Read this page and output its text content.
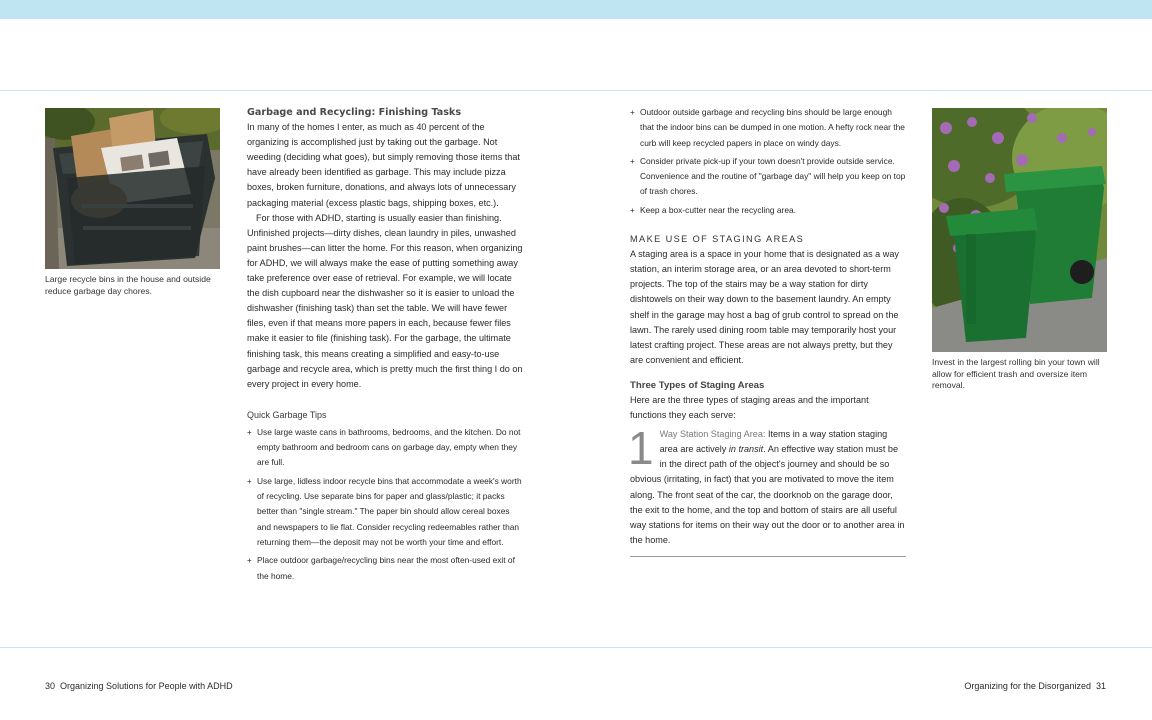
Large recycle bins in the house and outside reduce garbage day chores.
Garbage and Recycling: Finishing Tasks

In many of the homes I enter, as much as 40 percent of the organizing is accomplished just by taking out the garbage. Not weeding (deciding what goes), but simply removing those items that have already been identified as garbage. This may include pizza boxes, broken furniture, donations, and always lots of unnecessary packaging material (excess plastic bags, shipping boxes, etc.).

For those with ADHD, starting is usually easier than finishing. Unfinished projects—dirty dishes, clean laundry in piles, unwashed paint brushes—can litter the home. For this reason, when organizing for ADHD, we will always make the ease of putting something away take preference over ease of retrieval. For example, we will locate the dish cupboard near the dishwasher so it is easier to unload the dishwasher (finishing task) than set the table. We will have fewer files, even if that means more papers in each, because fewer files make it easier to file (finishing task). For the garbage, the ultimate finishing task, this means creating a simplified and easy-to-use garbage and recycle area, which is pretty much the first thing I do on every project in every home.

Quick Garbage Tips
+ Use large waste cans in bathrooms, bedrooms, and the kitchen. Do not empty bathroom and bedroom cans on garbage day, empty when they are full.
+ Use large, lidless indoor recycle bins that accommodate a week's worth of recycling. Use separate bins for paper and glass/plastic; it packs better than "single stream." The paper bin should allow cereal boxes and newspapers to lie flat. Consider recycling redeemables rather than returning them—the deposit may not be worth your time and effort.
+ Place outdoor garbage/recycling bins near the most often-used exit of the home.
+ Outdoor outside garbage and recycling bins should be large enough that the indoor bins can be dumped in one motion. A hefty rock near the curb will keep recycled papers in place on windy days.
+ Consider private pick-up if your town doesn't provide outside service. Convenience and the routine of "garbage day" will help you keep on top of trash chores.
+ Keep a box-cutter near the recycling area.
MAKE USE OF STAGING AREAS

A staging area is a space in your home that is designated as a way station, an interim storage area, or an area devoted to short-term projects. The top of the stairs may be a way station for dirty dishtowels on their way down to the basement laundry. An empty shelf in the garage may host a bag of grub control to spread on the lawn. The rarely used dining room table may temporarily host your latest crafting project. These areas are not always pretty, but they are convenient and efficient.

Three Types of Staging Areas

Here are the three types of staging areas and the important functions they each serve:

1 Way Station Staging Area: Items in a way station staging area are actively in transit. An effective way station must be in the direct path of the object's journey and should be so obvious (irritating, in fact) that you are motivated to move the item along. The front seat of the car, the doorknob on the garage door, the exit to the home, and the top and bottom of stairs are all useful way stations for items on their way out the door or to another area in the home.
Invest in the largest rolling bin your town will allow for efficient trash and oversize item removal.
30 Organizing Solutions for People with ADHD	Organizing for the Disorganized 31
